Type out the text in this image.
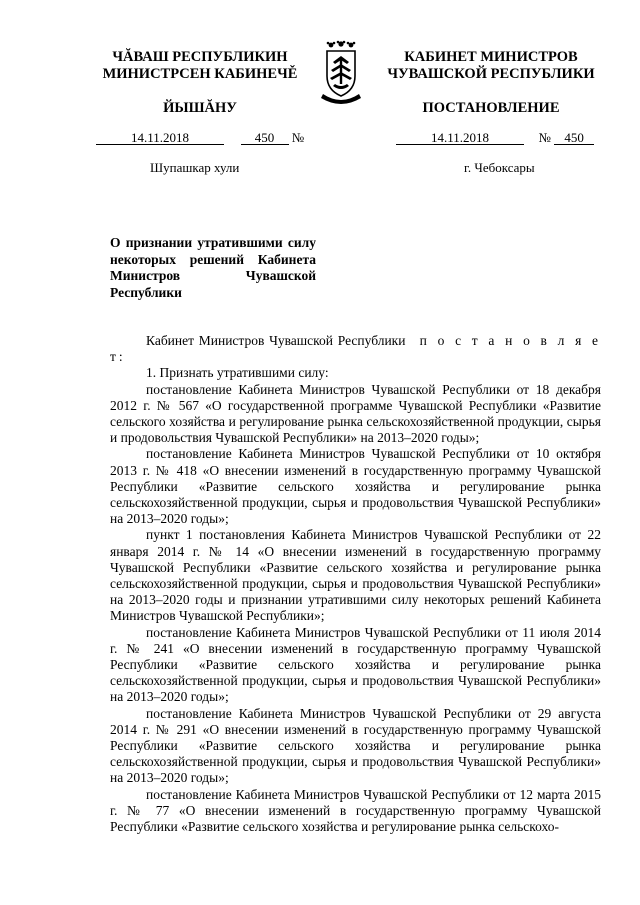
ЧĂВАШ РЕСПУБЛИКИН
МИНИСТРСЕН КАБИНЕЧĚ
КАБИНЕТ МИНИСТРОВ
ЧУВАШСКОЙ РЕСПУБЛИКИ
ЙЫШĂНУ	ПОСТАНОВЛЕНИЕ
14.11.2018	450 №	14.11.2018	№ 450
Шупашкар хули	г. Чебоксары
О признании утратившими силу некоторых решений Кабинета Министров Чувашской Республики

Кабинет Министров Чувашской Республики п о с т а н о в л я е т:

1. Признать утратившими силу:

постановление Кабинета Министров Чувашской Республики от 18 декабря 2012 г. № 567 «О государственной программе Чувашской Республики «Развитие сельского хозяйства и регулирование рынка сельскохозяйственной продукции, сырья и продовольствия Чувашской Республики» на 2013–2020 годы»;

постановление Кабинета Министров Чувашской Республики от 10 октября 2013 г. № 418 «О внесении изменений в государственную программу Чувашской Республики «Развитие сельского хозяйства и регулирование рынка сельскохозяйственной продукции, сырья и продовольствия Чувашской Республики» на 2013–2020 годы»;

пункт 1 постановления Кабинета Министров Чувашской Республики от 22 января 2014 г. № 14 «О внесении изменений в государственную программу Чувашской Республики «Развитие сельского хозяйства и регулирование рынка сельскохозяйственной продукции, сырья и продовольствия Чувашской Республики» на 2013–2020 годы и признании утратившими силу некоторых решений Кабинета Министров Чувашской Республики»;

постановление Кабинета Министров Чувашской Республики от 11 июля 2014 г. № 241 «О внесении изменений в государственную программу Чувашской Республики «Развитие сельского хозяйства и регулирование рынка сельскохозяйственной продукции, сырья и продовольствия Чувашской Республики» на 2013–2020 годы»;

постановление Кабинета Министров Чувашской Республики от 29 августа 2014 г. № 291 «О внесении изменений в государственную программу Чувашской Республики «Развитие сельского хозяйства и регулирование рынка сельскохозяйственной продукции, сырья и продовольствия Чувашской Республики» на 2013–2020 годы»;

постановление Кабинета Министров Чувашской Республики от 12 марта 2015 г. № 77 «О внесении изменений в государственную программу Чувашской Республики «Развитие сельского хозяйства и регулирование рынка сельскохо-
